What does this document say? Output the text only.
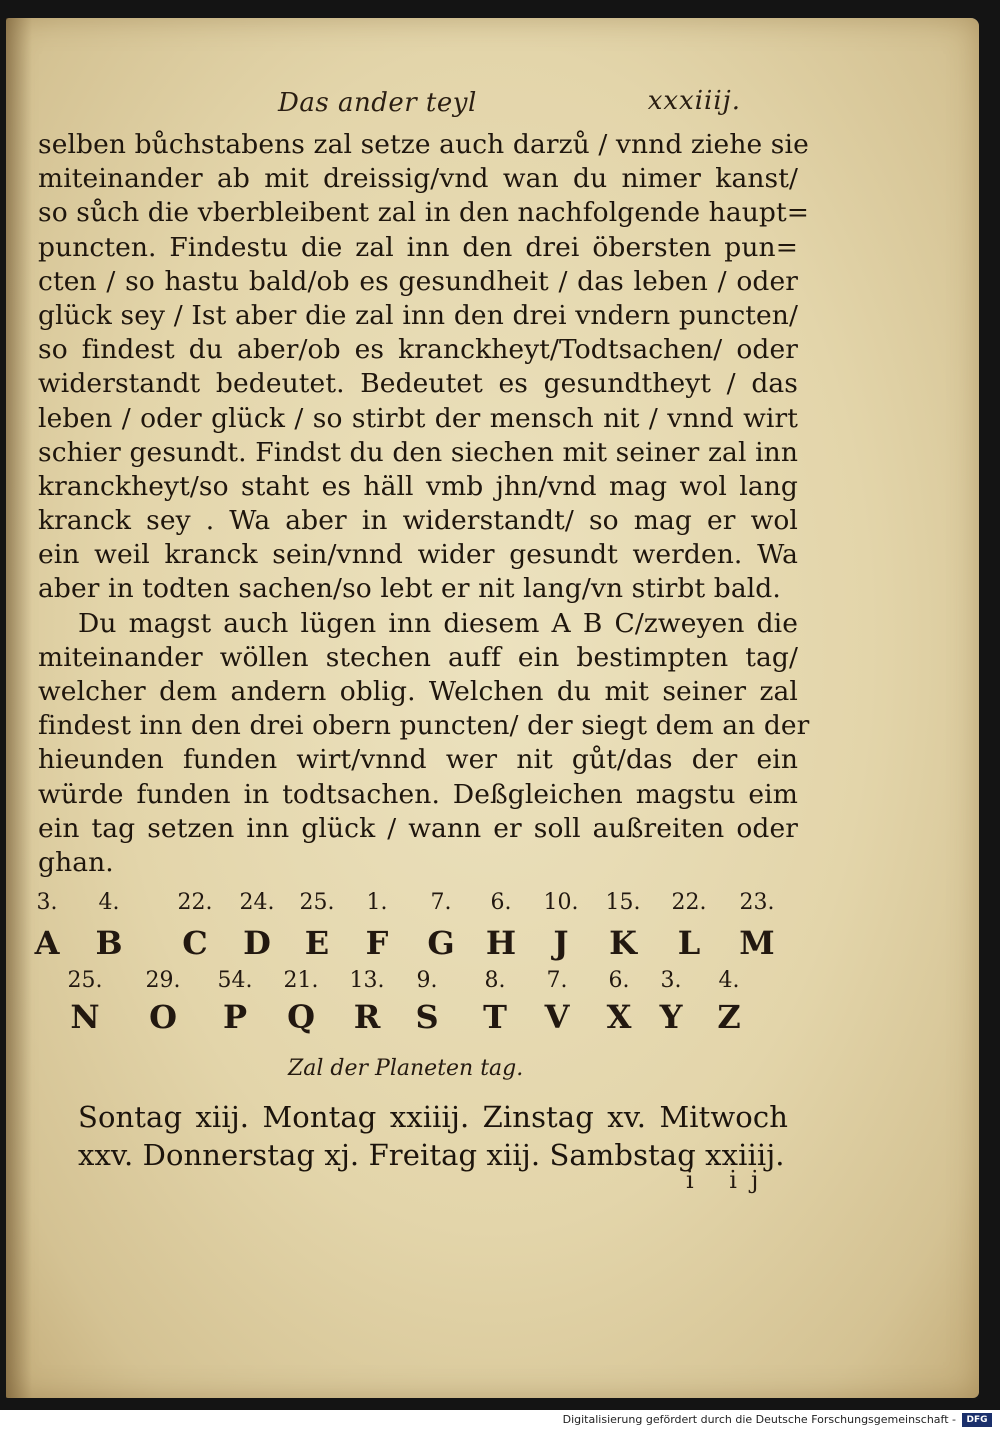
Das ander teyl	xxxiiij.
selben bůchstabens zal setze auch darzů / vnnd ziehe sie
miteinander ab mit dreissig/vnd wan du nimer kanst/
so sůch die vberbleibent zal in den nachfolgende haupt=
puncten. Findestu die zal inn den drei öbersten pun=
cten / so hastu bald/ob es gesundheit / das leben / oder
glück sey / Ist aber die zal inn den drei vndern puncten/
so findest du aber/ob es kranckheyt/Todtsachen/ oder
widerstandt bedeutet. Bedeutet es gesundtheyt / das
leben / oder glück / so stirbt der mensch nit / vnnd wirt
schier gesundt. Findst du den siechen mit seiner zal inn
kranckheyt/so staht es häll vmb jhn/vnd mag wol lang
kranck sey . Wa aber in widerstandt/ so mag er wol
ein weil kranck sein/vnnd wider gesundt werden. Wa
aber in todten sachen/so lebt er nit lang/vn stirbt bald.
Du magst auch lügen inn diesem A B C/zweyen die
miteinander wöllen stechen auff ein bestimpten tag/
welcher dem andern oblig. Welchen du mit seiner zal
findest inn den drei obern puncten/ der siegt dem an der
hieunden funden wirt/vnnd wer nit gůt/das der ein
würde funden in todtsachen. Deßgleichen magstu eim
ein tag setzen inn glück / wann er soll außreiten oder
ghan.
3.	4.	22.	24.	25.	1.	7.	6.	10.	15.	22.	23.
A	B	C	D	E	F	G H	J	K	L	M
25.	29.	54.	21.	13.	9.	8.	7.	6.	3.	4.
N	O	P	Q	R	S	T	V	X Y	Z
Zal der Planeten tag.
Sontag xiij. Montag xxiiij. Zinstag xv. Mitwoch
xxv. Donnerstag xj. Freitag xiij. Sambstag xxiiij.
i ij
Digitalisierung gefördert durch die Deutsche Forschungsgemeinschaft -	DFG
